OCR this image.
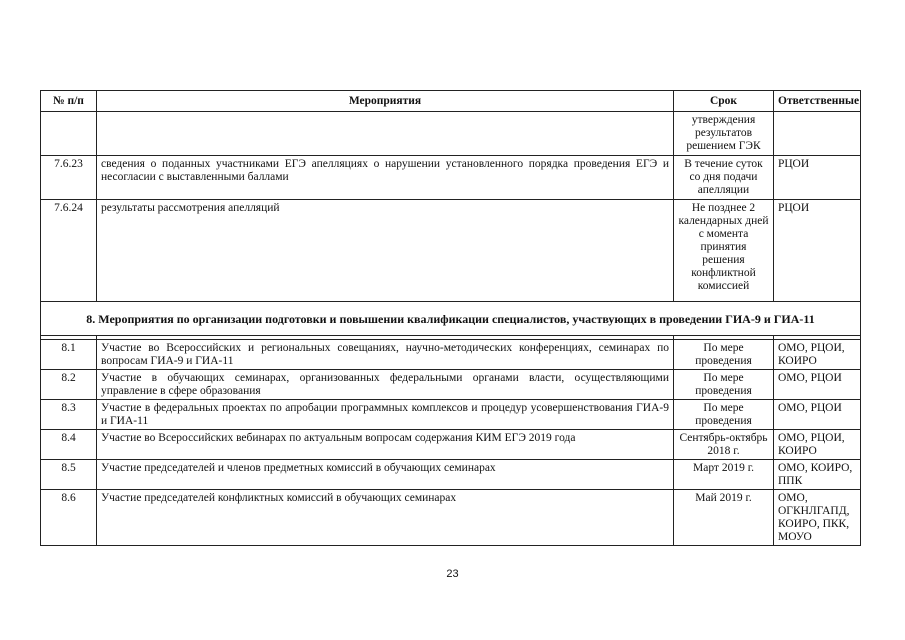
№ п/п	Мероприятия	Срок	Ответственные
		утверждения результатов решением ГЭК	
7.6.23	сведения о поданных участниками ЕГЭ апелляциях о нарушении установленного порядка проведения ЕГЭ и несогласии с выставленными баллами	В течение суток со дня подачи апелляции	РЦОИ
7.6.24	результаты рассмотрения апелляций	Не позднее 2 календарных дней с момента принятия решения конфликтной комиссией	РЦОИ
8. Мероприятия по организации подготовки и повышении квалификации специалистов, участвующих в проведении ГИА-9 и ГИА-11			

8.1	Участие во Всероссийских и региональных совещаниях, научно-методических конференциях, семинарах по вопросам ГИА-9 и ГИА-11	По мере проведения	ОМО, РЦОИ, КОИРО
8.2	Участие в обучающих семинарах, организованных федеральными органами власти, осуществляющими управление в сфере образования	По мере проведения	ОМО, РЦОИ
8.3	Участие в федеральных проектах по апробации программных комплексов и процедур усовершенствования ГИА-9 и ГИА-11	По мере проведения	ОМО, РЦОИ
8.4	Участие во Всероссийских вебинарах по актуальным вопросам содержания КИМ ЕГЭ 2019 года	Сентябрь-октябрь 2018 г.	ОМО, РЦОИ, КОИРО
8.5	Участие председателей и членов предметных комиссий в обучающих семинарах	Март 2019 г.	ОМО, КОИРО, ППК
8.6	Участие председателей конфликтных комиссий в обучающих семинарах	Май 2019 г.	ОМО, ОГКНЛГАПД, КОИРО, ПКК, МОУО
23
